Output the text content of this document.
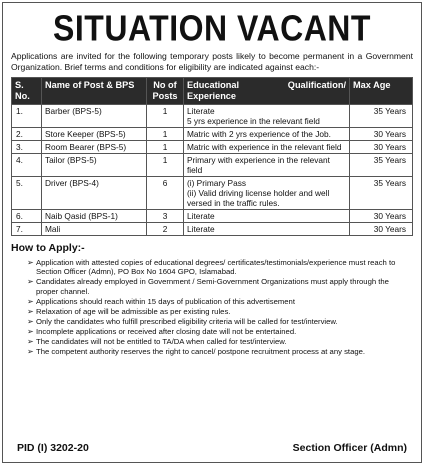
SITUATION VACANT

Applications are invited for the following temporary posts likely to become permanent in a Government Organization. Brief terms and conditions for eligibility are indicated against each:-

S. No.	Name of Post & BPS	No of Posts	Educational Qualification/
Experience	Max Age
1.	Barber (BPS-5)	1	Literate
5 yrs experience in the relevant field	35 Years
2.	Store Keeper (BPS-5)	1	Matric with 2 yrs experience of the Job.	30 Years
3.	Room Bearer (BPS-5)	1	Matric with experience in the relevant field	30 Years
4.	Tailor (BPS-5)	1	Primary with experience in the relevant
field	35 Years
5.	Driver (BPS-4)	6	(i) Primary Pass
(ii) Valid driving license holder and well
versed in the traffic rules.	35 Years
6.	Naib Qasid (BPS-1)	3	Literate	30 Years
7.	Mali	2	Literate	30 Years
How to Apply:-
➢ Application with attested copies of educational degrees/ certificates/testimonials/experience must reach to Section Officer (Admn), PO Box No 1604 GPO, Islamabad.
➢ Candidates already employed in Government / Semi-Government Organizations must apply through the proper channel.
➢ Applications should reach within 15 days of publication of this advertisement
➢ Relaxation of age will be admissible as per existing rules.
➢ Only the candidates who fulfill prescribed eligibility criteria will be called for test/interview.
➢ Incomplete applications or received after closing date will not be entertained.
➢ The candidates will not be entitled to TA/DA when called for test/interview.
➢ The competent authority reserves the right to cancel/ postpone recruitment process at any stage.
PID (I) 3202-20	Section Officer (Admn)
